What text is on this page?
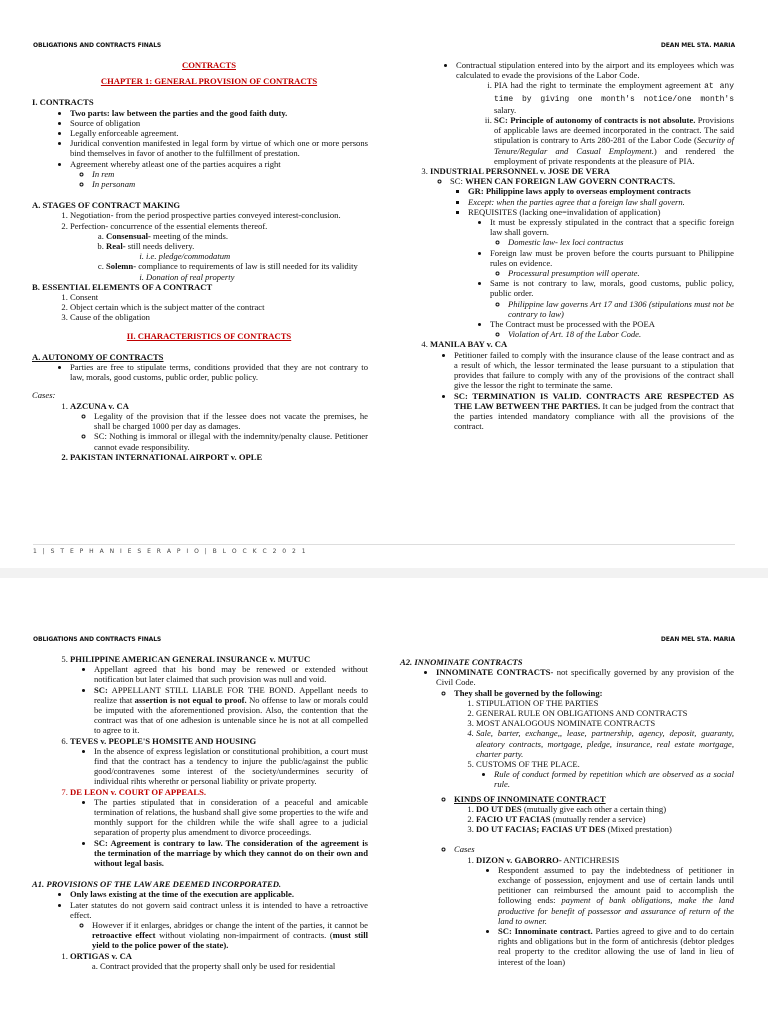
OBLIGATIONS AND CONTRACTS FINALS	DEAN MEL STA. MARIA
CONTRACTS
CHAPTER 1: GENERAL PROVISION OF CONTRACTS
I. CONTRACTS
• Two parts: law between the parties and the good faith duty.
• Source of obligation
• Legally enforceable agreement.
• Juridical convention manifested in legal form by virtue of which one or more persons bind themselves in favor of another to the fulfillment of prestation.
• Agreement whereby atleast one of the parties acquires a right
◦ In rem
◦ In personam
A. STAGES OF CONTRACT MAKING
1. Negotiation- from the period prospective parties conveyed interest-conclusion.
2. Perfection- concurrence of the essential elements thereof.
a. Consensual- meeting of the minds.
b. Real- still needs delivery.
i. i.e. pledge/commodatum
c. Solemn- compliance to requirements of law is still needed for its validity
i. Donation of real property
B. ESSENTIAL ELEMENTS OF A CONTRACT
1. Consent
2. Object certain which is the subject matter of the contract
3. Cause of the obligation
II. CHARACTERISTICS OF CONTRACTS
A. AUTONOMY OF CONTRACTS
• Parties are free to stipulate terms, conditions provided that they are not contrary to law, morals, good customs, public order, public policy.
Cases:
1. AZCUNA v. CA
◦ Legality of the provision that if the lessee does not vacate the premises, he shall be charged 1000 per day as damages.
◦ SC: Nothing is immoral or illegal with the indemnity/penalty clause. Petitioner cannot evade responsibility.
2. PAKISTAN INTERNATIONAL AIRPORT v. OPLE
• Contractual stipulation entered into by the airport and its employees which was calculated to evade the provisions of the Labor Code.
i. PIA had the right to terminate the employment agreement at any time by giving one month's notice/one month's salary.
ii. SC: Principle of autonomy of contracts is not absolute. Provisions of applicable laws are deemed incorporated in the contract. The said stipulation is contrary to Arts 280-281 of the Labor Code (Security of Tenure/Regular and Casual Employment.) and rendered the employment of private respondents at the pleasure of PIA.
3. INDUSTRIAL PERSONNEL v. JOSE DE VERA
◦ SC: WHEN CAN FOREIGN LAW GOVERN CONTRACTS.
▪ GR: Philippine laws apply to overseas employment contracts
▪ Except: when the parties agree that a foreign law shall govern.
▪ REQUISITES (lacking one=invalidation of application)
• It must be expressly stipulated in the contract that a specific foreign law shall govern.
◦ Domestic law- lex loci contractus
• Foreign law must be proven before the courts pursuant to Philippine rules on evidence.
◦ Processural presumption will operate.
• Same is not contrary to law, morals, good customs, public policy, public order.
◦ Philippine law governs Art 17 and 1306 (stipulations must not be contrary to law)
• The Contract must be processed with the POEA
◦ Violation of Art. 18 of the Labor Code.
4. MANILA BAY v. CA
• Petitioner failed to comply with the insurance clause of the lease contract and as a result of which, the lessor terminated the lease pursuant to a stipulation that provides that failure to comply with any of the provisions of the contract shall give the lessor the right to terminate the same.
• SC: TERMINATION IS VALID. CONTRACTS ARE RESPECTED AS THE LAW BETWEEN THE PARTIES. It can be judged from the contract that the parties intended mandatory compliance with all the provisions of the contract.
1 | S T E P H A N I E S E R A P I O | B L O C K C 2 0 2 1
OBLIGATIONS AND CONTRACTS FINALS	DEAN MEL STA. MARIA
5. PHILIPPINE AMERICAN GENERAL INSURANCE v. MUTUC
• Appellant agreed that his bond may be renewed or extended without notification but later claimed that such provision was null and void.
• SC: APPELLANT STILL LIABLE FOR THE BOND. Appellant needs to realize that assertion is not equal to proof. No offense to law or morals could be imputed with the aforementioned provision. Also, the contention that the contract was that of one adhesion is untenable since he is not at all compelled to agree to it.
6. TEVES v. PEOPLE'S HOMSITE AND HOUSING
• In the absence of express legislation or constitutional prohibition, a court must find that the contract has a tendency to injure the public/against the public good/contravenes some interest of the society/undermines security of individual rihts wherethr or personal liability or private property.
7. DE LEON v. COURT OF APPEALS.
• The parties stipulated that in consideration of a peaceful and amicable termination of relations, the husband shall give some properties to the wife and monthly support for the children while the wife shall agree to a judicial separation of property plus amendment to divorce proceedings.
• SC: Agreement is contrary to law. The consideration of the agreement is the termination of the marriage by which they cannot do on their own and without legal basis.
A1. PROVISIONS OF THE LAW ARE DEEMED INCORPORATED.
• Only laws existing at the time of the execution are applicable.
• Later statutes do not govern said contract unless it is intended to have a retroactive effect.
◦ However if it enlarges, abridges or change the intent of the parties, it cannot be retroactive effect without violating non-impairment of contracts. (must still yield to the police power of the state).
1. ORTIGAS v. CA
a. Contract provided that the property shall only be used for residential
A2. INNOMINATE CONTRACTS
• INNOMINATE CONTRACTS- not specifically governed by any provision of the Civil Code.
◦ They shall be governed by the following:
1. STIPULATION OF THE PARTIES
2. GENERAL RULE ON OBLIGATIONS AND CONTRACTS
3. MOST ANALOGOUS NOMINATE CONTRACTS
4. Sale, barter, exchange,, lease, partnership, agency, deposit, guaranty, aleatory contracts, mortgage, pledge, insurance, real estate mortgage, charter party.
5. CUSTOMS OF THE PLACE.
• Rule of conduct formed by repetition which are observed as a social rule.
◦ KINDS OF INNOMINATE CONTRACT
1. DO UT DES (mutually give each other a certain thing)
2. FACIO UT FACIAS (mutually render a service)
3. DO UT FACIAS; FACIAS UT DES (Mixed prestation)
◦ Cases
1. DIZON v. GABORRO- ANTICHRESIS
• Respondent assumed to pay the indebtedness of petitioner in exchange of possession, enjoyment and use of certain lands until petitioner can reimbursed the amount paid to accomplish the following ends: payment of bank obligations, make the land productive for benefit of possessor and assurance of return of the land to owner.
• SC: Innominate contract. Parties agreed to give and to do certain rights and obligations but in the form of antichresis (debtor pledges real property to the creditor allowing the use of land in lieu of interest of the loan)
